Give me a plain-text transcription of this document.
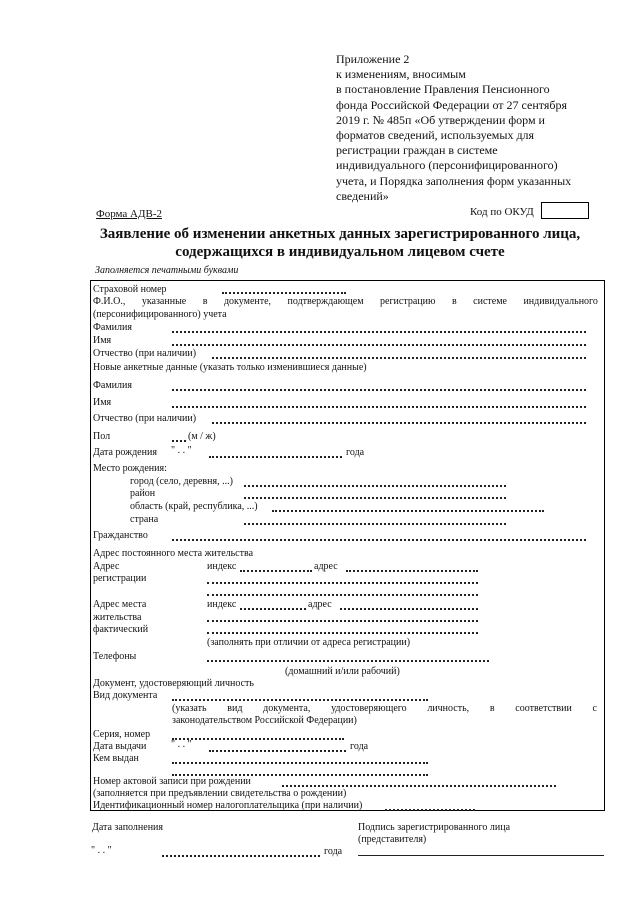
Приложение 2
к изменениям, вносимым
в постановление Правления Пенсионного
фонда Российской Федерации от 27 сентября
2019 г. № 485п «Об утверждении форм и
форматов сведений, используемых для
регистрации граждан в системе
индивидуального (персонифицированного)
учета, и Порядка заполнения форм указанных
сведений»
Форма АДВ-2	Код по ОКУД
Заявление об изменении анкетных данных зарегистрированного лица,
содержащихся в индивидуальном лицевом счете
Заполняется печатными буквами
Страховой номер
Ф.И.О., указанные в документе, подтверждающем регистрацию в системе индивидуального
(персонифицированного) учета
Фамилия
Имя
Отчество (при наличии)
Новые анкетные данные (указать только изменившиеся данные)
Фамилия
Имя
Отчество (при наличии)
Пол	(м / ж)
Дата рождения " . . "	года
Место рождения:
город (село, деревня, ...)
район
область (край, республика, ...)
страна
Гражданство
Адрес постоянного места жительства
Адрес
регистрации
индекс	адрес
Адрес места
жительства
фактический
индекс	адрес
(заполнять при отличии от адреса регистрации)
Телефоны
(домашний и/или рабочий)
Документ, удостоверяющий личность
Вид документа
(указать вид документа, удостоверяющего личность, в соответствии с
законодательством Российской Федерации)
Серия, номер
Дата выдачи " . . "	года
Кем выдан
Номер актовой записи при рождении
(заполняется при предъявлении свидетельства о рождении)
Идентификационный номер налогоплательщика (при наличии)
Дата заполнения	Подпись зарегистрированного лица
(представителя)
" . . "	года
